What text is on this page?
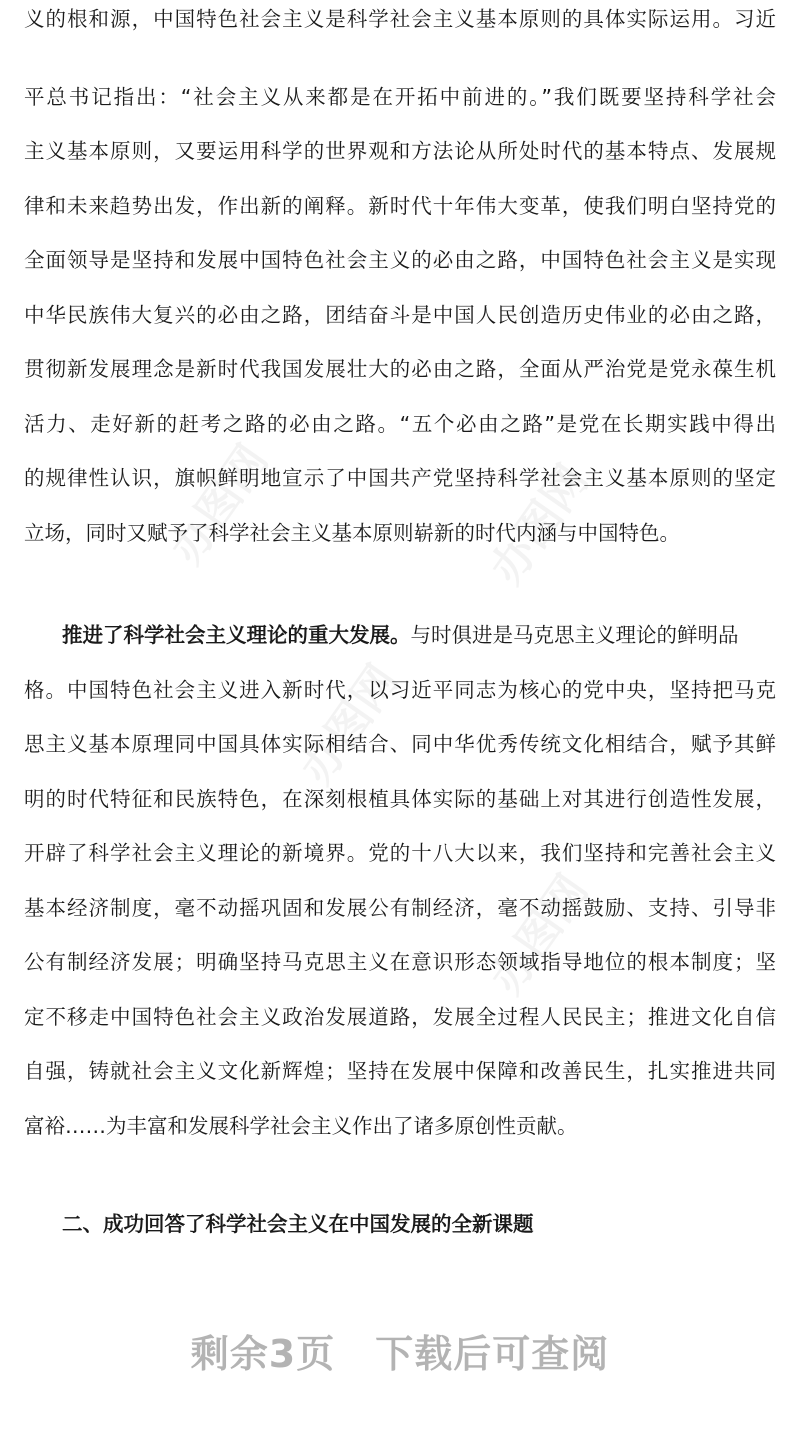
义的根和源，中国特色社会主义是科学社会主义基本原则的具体实际运用。习近
平总书记指出：“社会主义从来都是在开拓中前进的。”我们既要坚持科学社会
主义基本原则，又要运用科学的世界观和方法论从所处时代的基本特点、发展规
律和未来趋势出发，作出新的阐释。新时代十年伟大变革，使我们明白坚持党的
全面领导是坚持和发展中国特色社会主义的必由之路，中国特色社会主义是实现
中华民族伟大复兴的必由之路，团结奋斗是中国人民创造历史伟业的必由之路，
贯彻新发展理念是新时代我国发展壮大的必由之路，全面从严治党是党永葆生机
活力、走好新的赶考之路的必由之路。“五个必由之路”是党在长期实践中得出
的规律性认识，旗帜鲜明地宣示了中国共产党坚持科学社会主义基本原则的坚定
立场，同时又赋予了科学社会主义基本原则崭新的时代内涵与中国特色。
推进了科学社会主义理论的重大发展。与时俱进是马克思主义理论的鲜明品
格。中国特色社会主义进入新时代，以习近平同志为核心的党中央，坚持把马克
思主义基本原理同中国具体实际相结合、同中华优秀传统文化相结合，赋予其鲜
明的时代特征和民族特色，在深刻根植具体实际的基础上对其进行创造性发展，
开辟了科学社会主义理论的新境界。党的十八大以来，我们坚持和完善社会主义
基本经济制度，毫不动摇巩固和发展公有制经济，毫不动摇鼓励、支持、引导非
公有制经济发展；明确坚持马克思主义在意识形态领域指导地位的根本制度；坚
定不移走中国特色社会主义政治发展道路，发展全过程人民民主；推进文化自信
自强，铸就社会主义文化新辉煌；坚持在发展中保障和改善民生，扎实推进共同
富裕……为丰富和发展科学社会主义作出了诸多原创性贡献。
二、成功回答了科学社会主义在中国发展的全新课题
剩余3页 下载后可查阅
